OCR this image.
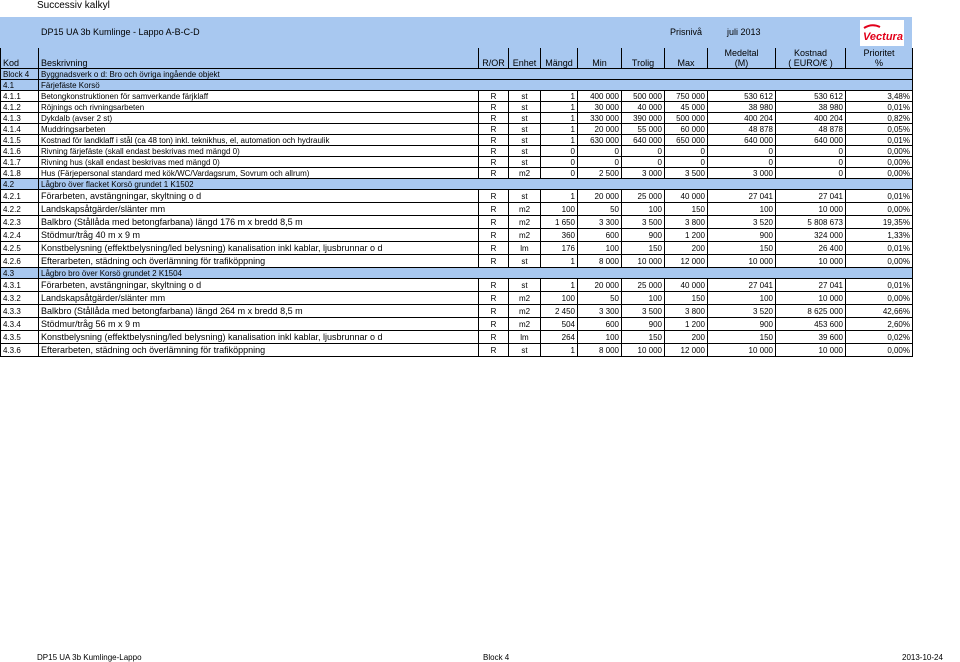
Successiv kalkyl
DP15 UA 3b Kumlinge - Lappo A-B-C-D	Prisnivå	juli 2013	Vectura
								Medeltal	Kostnad	Prioritet
Kod	Beskrivning	R/OR	Enhet	Mängd	Min	Trolig	Max	(M)	( EURO/€ )	%
Block 4	Byggnadsverk o d: Bro och övriga ingående objekt									
4.1	Färjefäste Korsö									
4.1.1	Betongkonstruktionen för samverkande färjklaff	R	st	1	400 000	500 000	750 000	530 612	530 612	3,48%
4.1.2	Röjnings och rivningsarbeten	R	st	1	30 000	40 000	45 000	38 980	38 980	0,01%
4.1.3	Dykdalb (avser 2 st)	R	st	1	330 000	390 000	500 000	400 204	400 204	0,82%
4.1.4	Muddringsarbeten	R	st	1	20 000	55 000	60 000	48 878	48 878	0,05%
4.1.5	Kostnad för landklaff i stål (ca 48 ton) inkl. teknikhus, el, automation och hydraulik	R	st	1	630 000	640 000	650 000	640 000	640 000	0,01%
4.1.6	Rivning färjefäste (skall endast beskrivas med mängd 0)	R	st	0	0	0	0	0	0	0,00%
4.1.7	Rivning hus (skall endast beskrivas med mängd 0)	R	st	0	0	0	0	0	0	0,00%
4.1.8	Hus (Färjepersonal standard med kök/WC/Vardagsrum, Sovrum och allrum)	R	m2	0	2 500	3 000	3 500	3 000	0	0,00%
4.2	Lågbro över flacket Korsö grundet 1 K1502									
4.2.1	Förarbeten, avstängningar, skyltning o d	R	st	1	20 000	25 000	40 000	27 041	27 041	0,01%
4.2.2	Landskapsåtgärder/slänter mm	R	m2	100	50	100	150	100	10 000	0,00%
4.2.3	Balkbro (Stållåda med betongfarbana) längd 176 m x bredd 8,5 m	R	m2	1 650	3 300	3 500	3 800	3 520	5 808 673	19,35%
4.2.4	Stödmur/tråg 40 m x 9 m	R	m2	360	600	900	1 200	900	324 000	1,33%
4.2.5	Konstbelysning (effektbelysning/led belysning) kanalisation inkl kablar, ljusbrunnar o d	R	lm	176	100	150	200	150	26 400	0,01%
4.2.6	Efterarbeten, städning och överlämning för trafiköppning	R	st	1	8 000	10 000	12 000	10 000	10 000	0,00%
4.3	Lågbro bro över Korsö grundet 2 K1504									
4.3.1	Förarbeten, avstängningar, skyltning o d	R	st	1	20 000	25 000	40 000	27 041	27 041	0,01%
4.3.2	Landskapsåtgärder/slänter mm	R	m2	100	50	100	150	100	10 000	0,00%
4.3.3	Balkbro (Stållåda med betongfarbana) längd 264 m x bredd 8,5 m	R	m2	2 450	3 300	3 500	3 800	3 520	8 625 000	42,66%
4.3.4	Stödmur/tråg 56 m x 9 m	R	m2	504	600	900	1 200	900	453 600	2,60%
4.3.5	Konstbelysning (effektbelysning/led belysning) kanalisation inkl kablar, ljusbrunnar o d	R	lm	264	100	150	200	150	39 600	0,02%
4.3.6	Efterarbeten, städning och överlämning för trafiköppning	R	st	1	8 000	10 000	12 000	10 000	10 000	0,00%
DP15 UA 3b Kumlinge-Lappo	Block 4	2013-10-24
